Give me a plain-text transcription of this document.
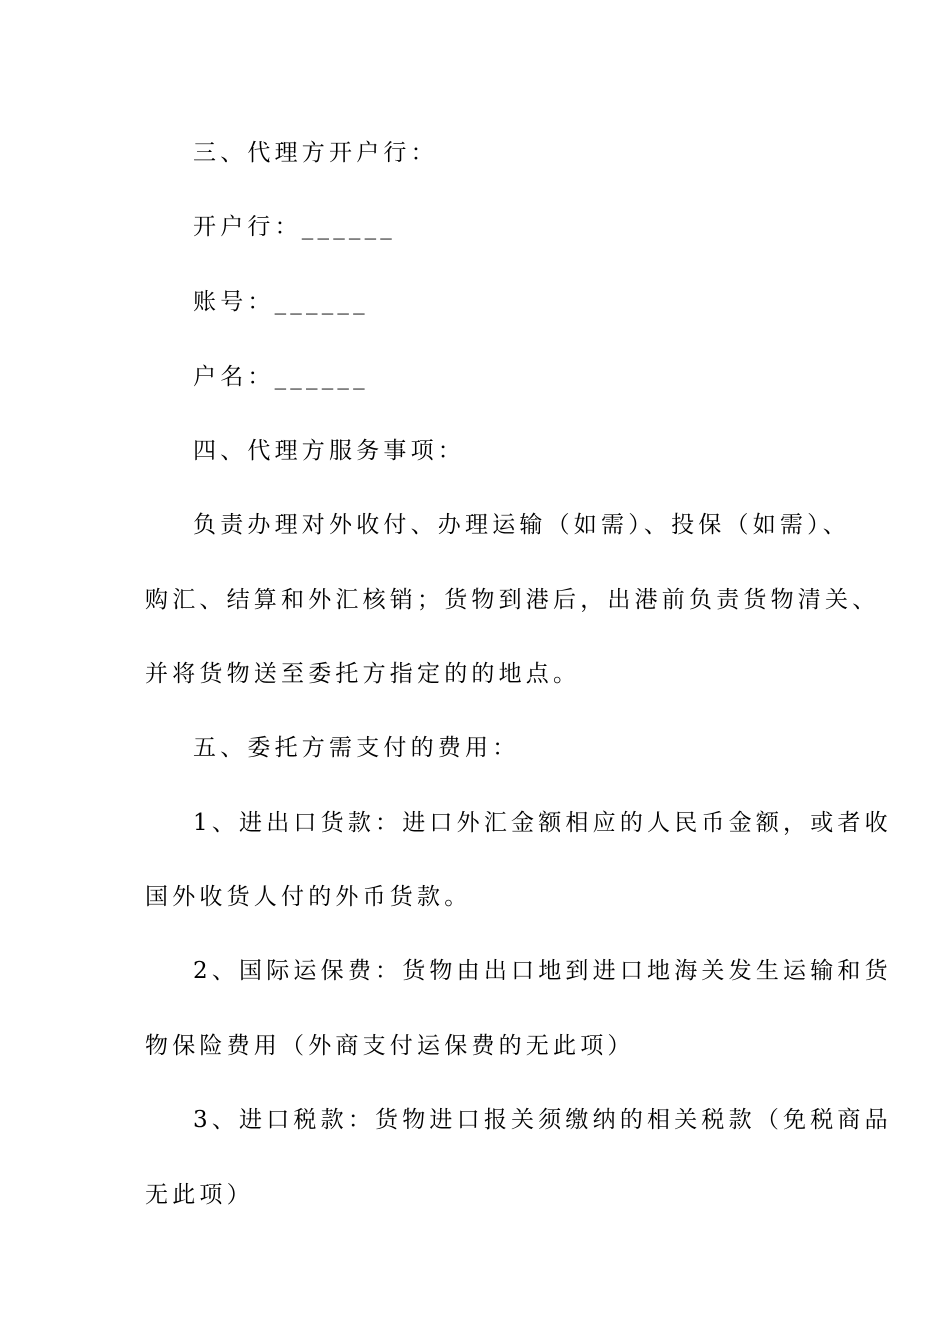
三、代理方开户行：
开户行：______
账号：______
户名：______
四、代理方服务事项：
负责办理对外收付、办理运输（如需）、投保（如需）、
购汇、结算和外汇核销；货物到港后，出港前负责货物清关、
并将货物送至委托方指定的的地点。
五、委托方需支付的费用：
1、进出口货款：进口外汇金额相应的人民币金额，或者收
国外收货人付的外币货款。
2、国际运保费：货物由出口地到进口地海关发生运输和货
物保险费用（外商支付运保费的无此项）
3、进口税款：货物进口报关须缴纳的相关税款（免税商品
无此项）
